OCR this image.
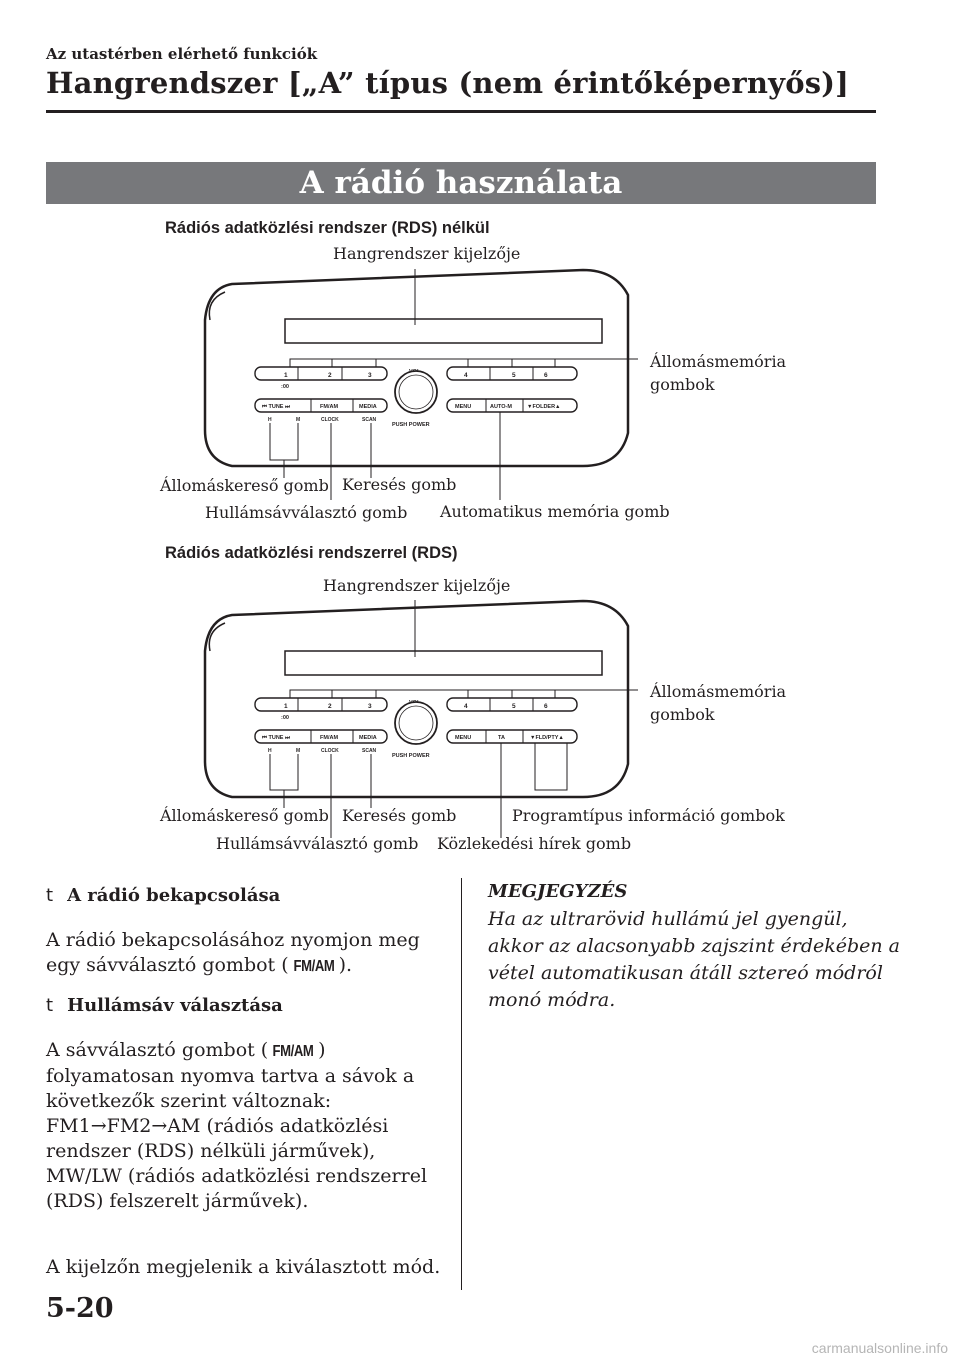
Az utastérben elérhető funkciók
Hangrendszer [„A” típus (nem érintőképernyős)]
A rádió használata
Rádiós adatközlési rendszer (RDS) nélkül
Hangrendszer kijelzője
Állomásmemória
gombok
Állomáskereső gomb Keresés gomb
Hullámsávválasztó gomb Automatikus memória gomb
1	2	3
:00
4	5	6
PUSH POWER
⏮ TUNE ⏭	FM/AM	MEDIA
H	M	CLOCK	SCAN
MENU	AUTO-M	▼FOLDER▲
Rádiós adatközlési rendszerrel (RDS)
Hangrendszer kijelzője
Állomásmemória
gombok
Állomáskereső gomb Keresés gomb	Programtípus információ gombok
Hullámsávválasztó gomb Közlekedési hírek gomb
1	2	3
:00
4	5	6
PUSH POWER
⏮ TUNE ⏭	FM/AM	MEDIA
H	M	CLOCK	SCAN
MENU	TA	▼FLD/PTY▲
t A rádió bekapcsolása

A rádió bekapcsolásához nyomjon meg

egy sávválasztó gombot ( FM/AM ).

t Hullámsáv választása

A sávválasztó gombot ( FM/AM )

folyamatosan nyomva tartva a sávok a

következők szerint változnak:

FM1→FM2→AM (rádiós adatközlési

rendszer (RDS) nélküli járművek),

MW/LW (rádiós adatközlési rendszerrel

(RDS) felszerelt járművek).

A kijelzőn megjelenik a kiválasztott mód.
MEGJEGYZÉS
Ha az ultrarövid hullámú jel gyengül,
akkor az alacsonyabb zajszint érdekében a
vétel automatikusan átáll sztereó módról
monó módra.
5-20
carmanualsonline.info
